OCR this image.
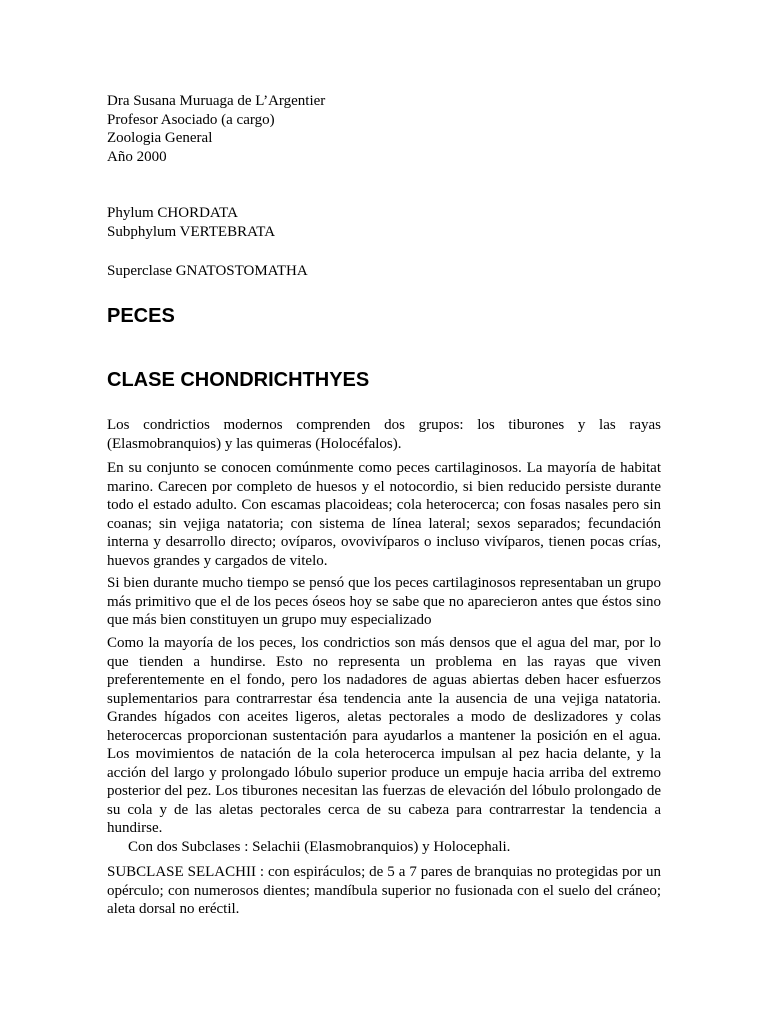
Dra Susana Muruaga de L’Argentier
Profesor Asociado (a cargo)
Zoologia General
Año 2000
Phylum CHORDATA
Subphylum VERTEBRATA
Superclase GNATOSTOMATHA
PECES
CLASE CHONDRICHTHYES

Los condrictios modernos comprenden dos grupos: los tiburones y las rayas (Elasmobranquios) y las quimeras (Holocéfalos).

En su conjunto se conocen comúnmente como peces cartilaginosos. La mayoría de habitat marino. Carecen por completo de huesos y el notocordio, si bien reducido persiste durante todo el estado adulto. Con escamas placoideas; cola heterocerca; con fosas nasales pero sin coanas; sin vejiga natatoria; con sistema de línea lateral; sexos separados; fecundación interna y desarrollo directo; ovíparos, ovovivíparos o incluso vivíparos, tienen pocas crías, huevos grandes y cargados de vitelo.

Si bien durante mucho tiempo se pensó que los peces cartilaginosos representaban un grupo más primitivo que el de los peces óseos hoy se sabe que no aparecieron antes que éstos sino que más bien constituyen un grupo muy especializado

Como la mayoría de los peces, los condrictios son más densos que el agua del mar, por lo que tienden a hundirse. Esto no representa un problema en las rayas que viven preferentemente en el fondo, pero los nadadores de aguas abiertas deben hacer esfuerzos suplementarios para contrarrestar ésa tendencia ante la ausencia de una vejiga natatoria. Grandes hígados con aceites ligeros, aletas pectorales a modo de deslizadores y colas heterocercas proporcionan sustentación para ayudarlos a mantener la posición en el agua. Los movimientos de natación de la cola heterocerca impulsan al pez hacia delante, y la acción del largo y prolongado lóbulo superior produce un empuje hacia arriba del extremo posterior del pez. Los tiburones necesitan las fuerzas de elevación del lóbulo prolongado de su cola y de las aletas pectorales cerca de su cabeza para contrarrestar la tendencia a hundirse.

Con dos Subclases : Selachii (Elasmobranquios) y Holocephali.

SUBCLASE SELACHII : con espiráculos; de 5 a 7 pares de branquias no protegidas por un opérculo; con numerosos dientes; mandíbula superior no fusionada con el suelo del cráneo; aleta dorsal no eréctil.
